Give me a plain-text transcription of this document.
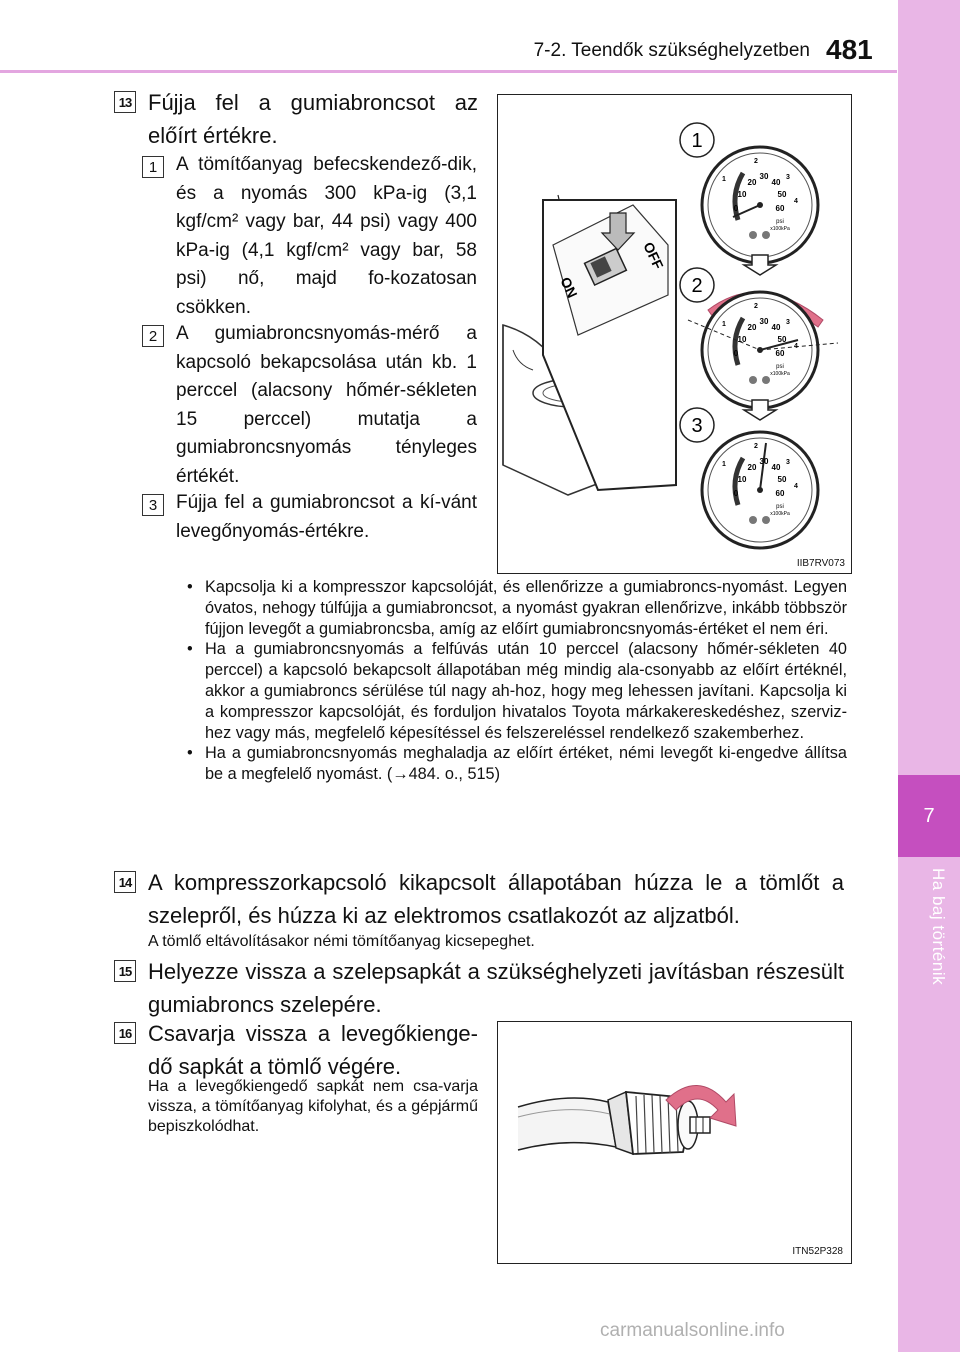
7-2. Teendők szükséghelyzetben 481
7
Ha baj történik
13 Fújja fel a gumiabroncsot az előírt értékre.
1 A tömítőanyag befecskendező-dik, és a nyomás 300 kPa-ig (3,1 kgf/cm² vagy bar, 44 psi) vagy 400 kPa-ig (4,1 kgf/cm² vagy bar, 58 psi) nő, majd fo-kozatosan csökken.
2 A gumiabroncsnyomás-mérő a kapcsoló bekapcsolása után kb. 1 perccel (alacsony hőmér-sékleten 15 perccel) mutatja a gumiabroncsnyomás tényleges értékét.
3 Fújja fel a gumiabroncsot a kí-vánt levegőnyomás-értékre.
OFF
ON
1
2
3
0
10
20
30
40
50
60
1
2
3
4
psi
x100kPa
0
10
20
30
40
50
60
1
2
3
4
psi
x100kPa
0
10
20
30
40
50
60
1
2
3
4
psi
x100kPa
IIB7RV073
• Kapcsolja ki a kompresszor kapcsolóját, és ellenőrizze a gumiabroncs-nyomást. Legyen óvatos, nehogy túlfújja a gumiabroncsot, a nyomást gyakran ellenőrizve, inkább többször fújjon levegőt a gumiabroncsba, amíg az előírt gumiabroncsnyomás-értéket el nem éri.
• Ha a gumiabroncsnyomás a felfúvás után 10 perccel (alacsony hőmér-sékleten 40 perccel) a kapcsoló bekapcsolt állapotában még mindig ala-csonyabb az előírt értéknél, akkor a gumiabroncs sérülése túl nagy ah-hoz, hogy meg lehessen javítani. Kapcsolja ki a kompresszor kapcsolóját, és forduljon hivatalos Toyota márkakereskedéshez, szerviz-hez vagy más, megfelelő képesítéssel és felszereléssel rendelkező szakemberhez.
• Ha a gumiabroncsnyomás meghaladja az előírt értéket, némi levegőt ki-engedve állítsa be a megfelelő nyomást. (→484. o., 515)
14 A kompresszorkapcsoló kikapcsolt állapotában húzza le a tömlőt a szelepről, és húzza ki az elektromos csatlakozót az aljzatból.
A tömlő eltávolításakor némi tömítőanyag kicsepeghet.
15 Helyezze vissza a szelepsapkát a szükséghelyzeti javításban részesült gumiabroncs szelepére.
16 Csavarja vissza a levegőkienge-dő sapkát a tömlő végére.
Ha a levegőkiengedő sapkát nem csa-varja vissza, a tömítőanyag kifolyhat, és a gépjármű bepiszkolódhat.
ITN52P328
carmanualsonline.info
